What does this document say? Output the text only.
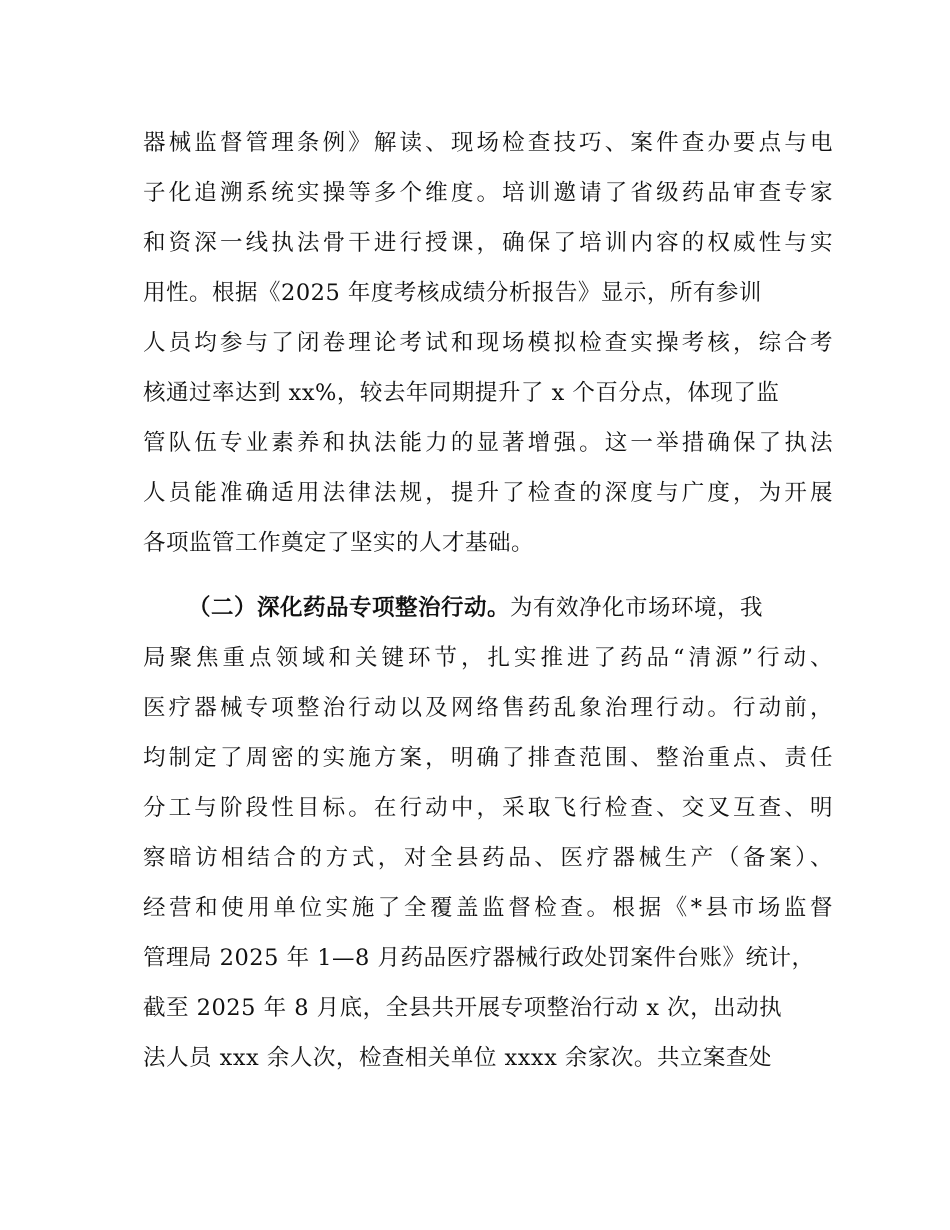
器械监督管理条例》解读、现场检查技巧、案件查办要点与电
子化追溯系统实操等多个维度。培训邀请了省级药品审查专家
和资深一线执法骨干进行授课，确保了培训内容的权威性与实
用性。根据《2025 年度考核成绩分析报告》显示，所有参训
人员均参与了闭卷理论考试和现场模拟检查实操考核，综合考
核通过率达到 xx%，较去年同期提升了 x 个百分点，体现了监
管队伍专业素养和执法能力的显著增强。这一举措确保了执法
人员能准确适用法律法规，提升了检查的深度与广度，为开展
各项监管工作奠定了坚实的人才基础。
（二）深化药品专项整治行动。为有效净化市场环境，我
局聚焦重点领域和关键环节，扎实推进了药品“清源”行动、
医疗器械专项整治行动以及网络售药乱象治理行动。行动前，
均制定了周密的实施方案，明确了排查范围、整治重点、责任
分工与阶段性目标。在行动中，采取飞行检查、交叉互查、明
察暗访相结合的方式，对全县药品、医疗器械生产（备案）、
经营和使用单位实施了全覆盖监督检查。根据《*县市场监督
管理局 2025 年 1—8 月药品医疗器械行政处罚案件台账》统计，
截至 2025 年 8 月底，全县共开展专项整治行动 x 次，出动执
法人员 xxx 余人次，检查相关单位 xxxx 余家次。共立案查处
